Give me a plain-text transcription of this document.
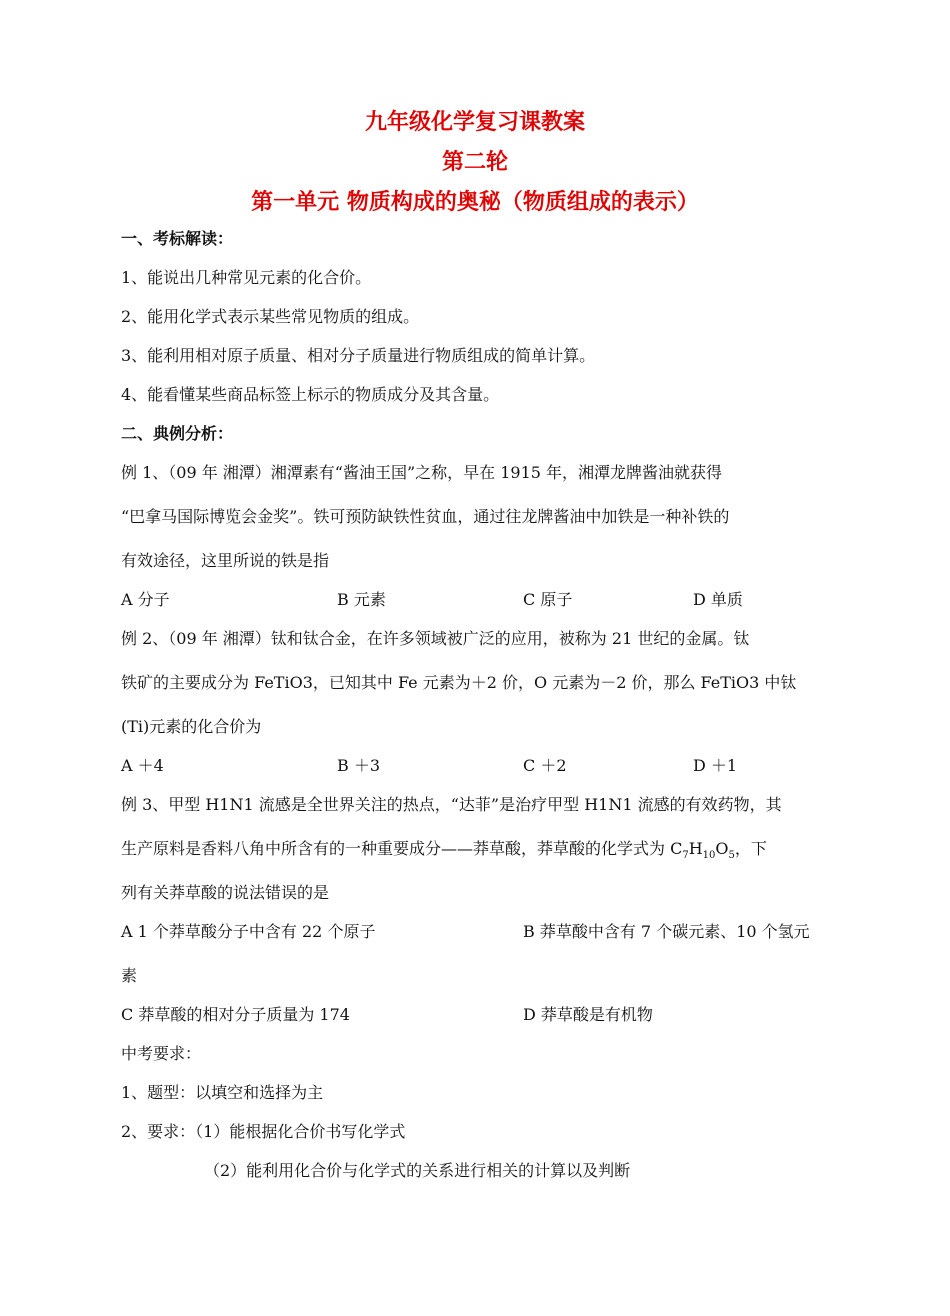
九年级化学复习课教案
第二轮
第一单元 物质构成的奥秘（物质组成的表示）
一、考标解读：
1、能说出几种常见元素的化合价。
2、能用化学式表示某些常见物质的组成。
3、能利用相对原子质量、相对分子质量进行物质组成的简单计算。
4、能看懂某些商品标签上标示的物质成分及其含量。
二、典例分析：
例 1、（09 年 湘潭）湘潭素有“酱油王国”之称，早在 1915 年，湘潭龙牌酱油就获得
“巴拿马国际博览会金奖”。铁可预防缺铁性贫血，通过往龙牌酱油中加铁是一种补铁的
有效途径，这里所说的铁是指
A 分子	B 元素	C 原子	D 单质
例 2、（09 年 湘潭）钛和钛合金，在许多领域被广泛的应用，被称为 21 世纪的金属。钛
铁矿的主要成分为 FeTiO3，已知其中 Fe 元素为＋2 价，O 元素为－2 价，那么 FeTiO3 中钛
(Ti)元素的化合价为
A ＋4	B ＋3	C ＋2	D ＋1
例 3、甲型 H1N1 流感是全世界关注的热点，“达菲”是治疗甲型 H1N1 流感的有效药物，其
生产原料是香料八角中所含有的一种重要成分——莽草酸，莽草酸的化学式为 $C_7H_{10}O_5$，下
列有关莽草酸的说法错误的是
A 1 个莽草酸分子中含有 22 个原子	B 莽草酸中含有 7 个碳元素、10 个氢元
素
C 莽草酸的相对分子质量为 174	D 莽草酸是有机物
中考要求：
1、题型：以填空和选择为主
2、要求：（1）能根据化合价书写化学式
（2）能利用化合价与化学式的关系进行相关的计算以及判断
